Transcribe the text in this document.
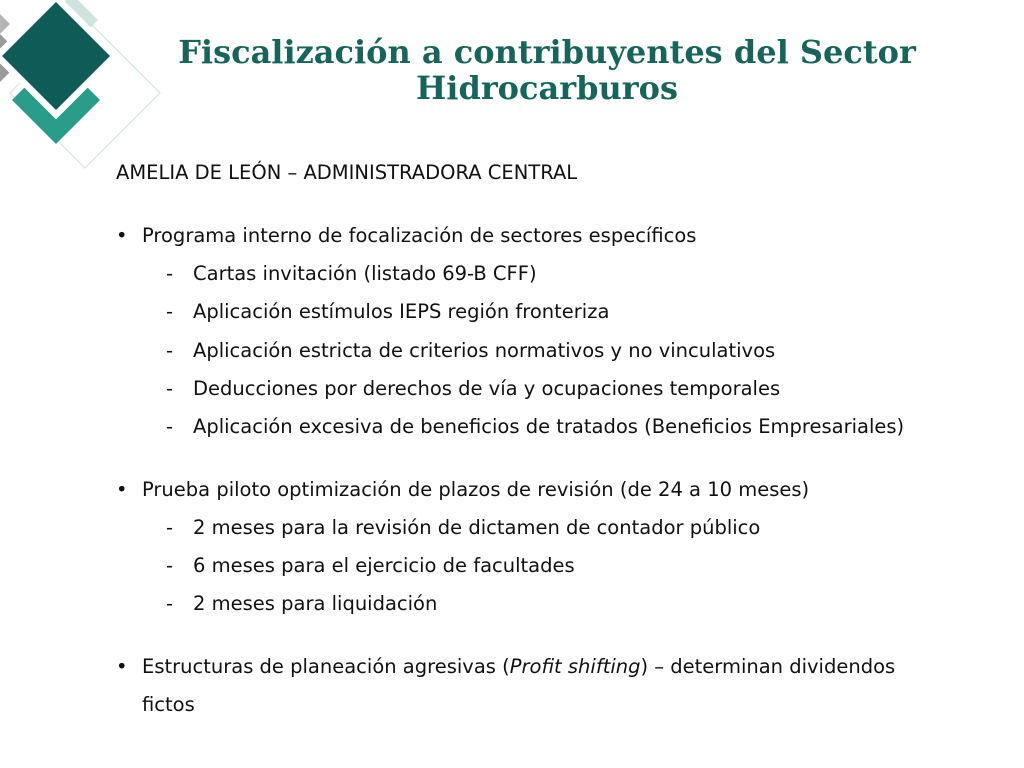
Fiscalización a contribuyentes del Sector
Hidrocarburos
AMELIA DE LEÓN – ADMINISTRADORA CENTRAL
• Programa interno de focalización de sectores específicos
- Cartas invitación (listado 69-B CFF)
- Aplicación estímulos IEPS región fronteriza
- Aplicación estricta de criterios normativos y no vinculativos
- Deducciones por derechos de vía y ocupaciones temporales
- Aplicación excesiva de beneficios de tratados (Beneficios Empresariales)
• Prueba piloto optimización de plazos de revisión (de 24 a 10 meses)
- 2 meses para la revisión de dictamen de contador público
- 6 meses para el ejercicio de facultades
- 2 meses para liquidación
• Estructuras de planeación agresivas (Profit shifting) – determinan dividendos
fictos
